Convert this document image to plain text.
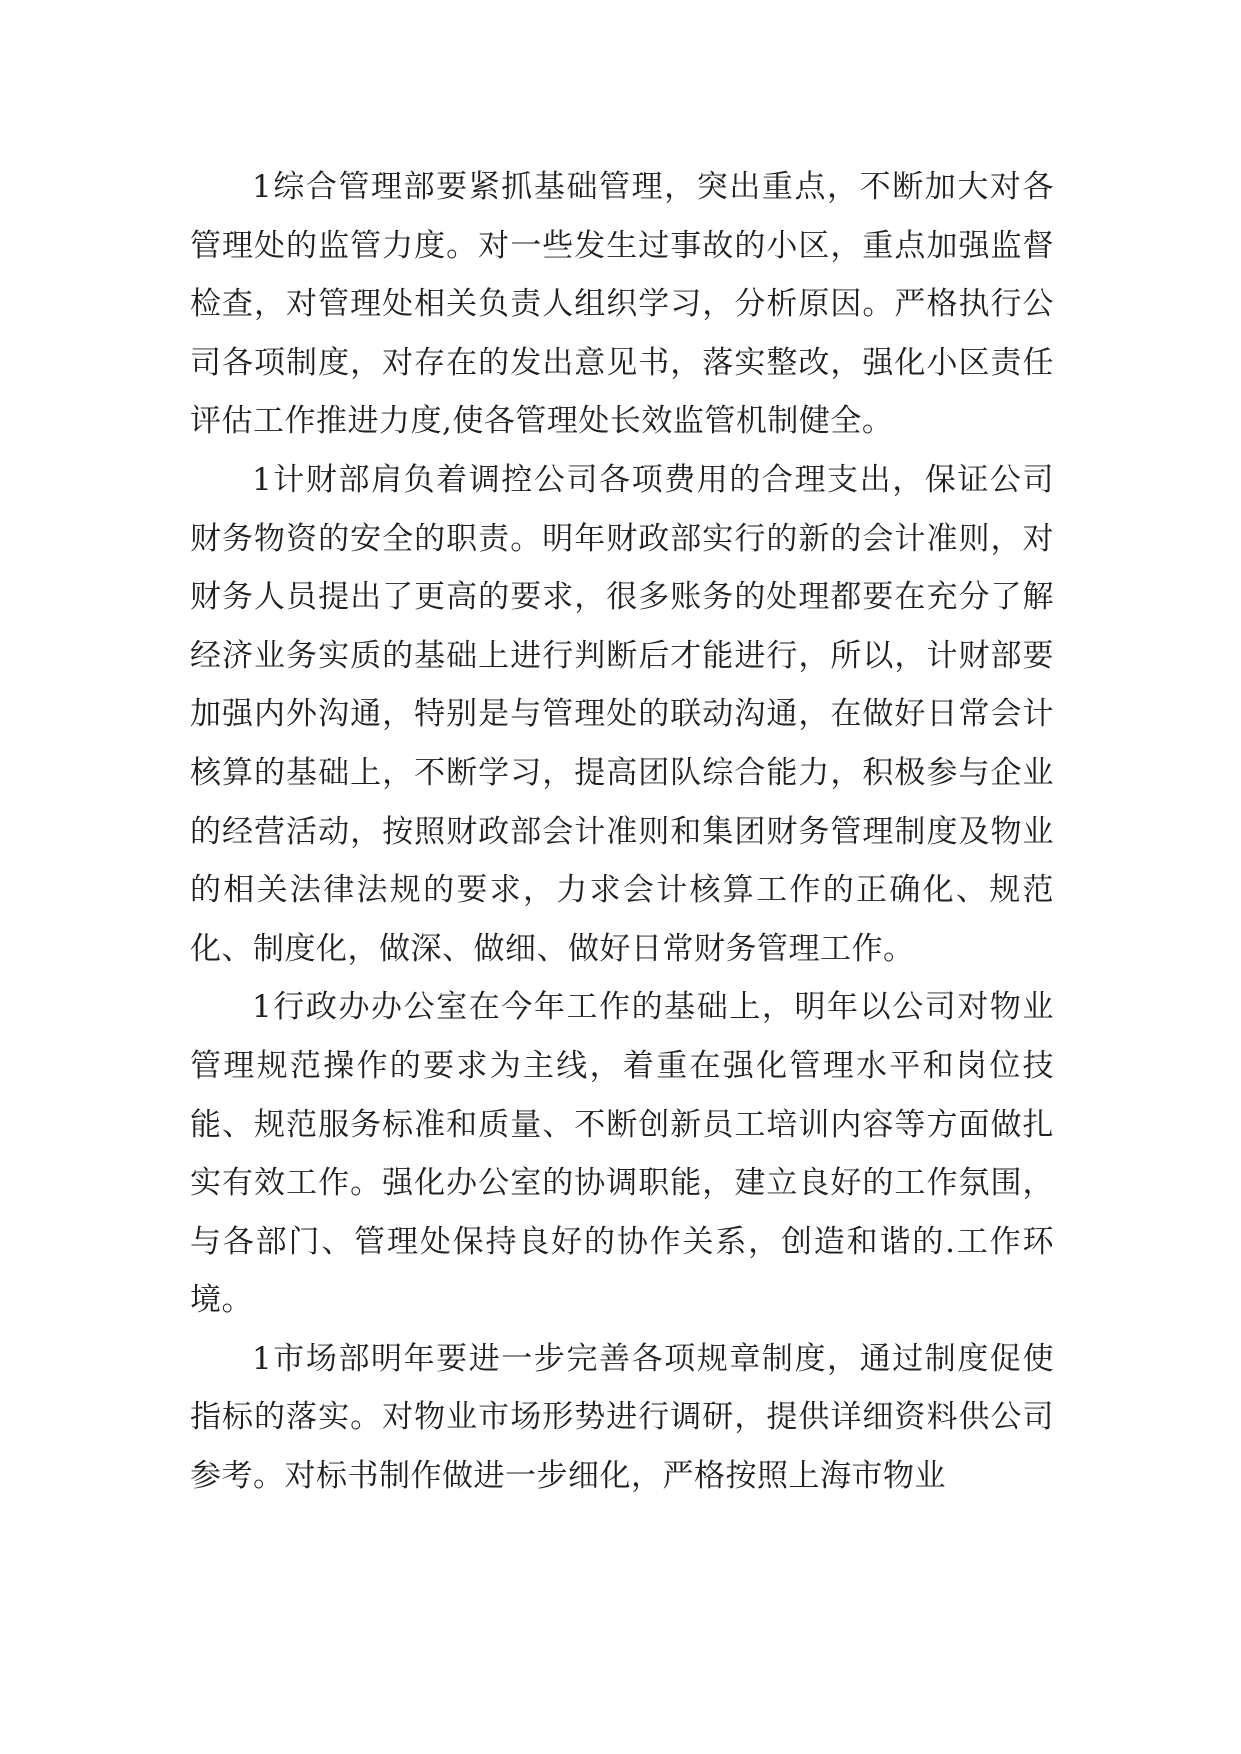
1综合管理部要紧抓基础管理，突出重点，不断加大对各管理处的监管力度。对一些发生过事故的小区，重点加强监督检查，对管理处相关负责人组织学习，分析原因。严格执行公司各项制度，对存在的发出意见书，落实整改，强化小区责任评估工作推进力度,使各管理处长效监管机制健全。

1计财部肩负着调控公司各项费用的合理支出，保证公司财务物资的安全的职责。明年财政部实行的新的会计准则，对财务人员提出了更高的要求，很多账务的处理都要在充分了解经济业务实质的基础上进行判断后才能进行，所以，计财部要加强内外沟通，特别是与管理处的联动沟通，在做好日常会计核算的基础上，不断学习，提高团队综合能力，积极参与企业的经营活动，按照财政部会计准则和集团财务管理制度及物业的相关法律法规的要求，力求会计核算工作的正确化、规范化、制度化，做深、做细、做好日常财务管理工作。

1行政办办公室在今年工作的基础上，明年以公司对物业管理规范操作的要求为主线，着重在强化管理水平和岗位技能、规范服务标准和质量、不断创新员工培训内容等方面做扎实有效工作。强化办公室的协调职能，建立良好的工作氛围，与各部门、管理处保持良好的协作关系，创造和谐的.工作环境。

1市场部明年要进一步完善各项规章制度，通过制度促使指标的落实。对物业市场形势进行调研，提供详细资料供公司参考。对标书制作做进一步细化，严格按照上海市物业
